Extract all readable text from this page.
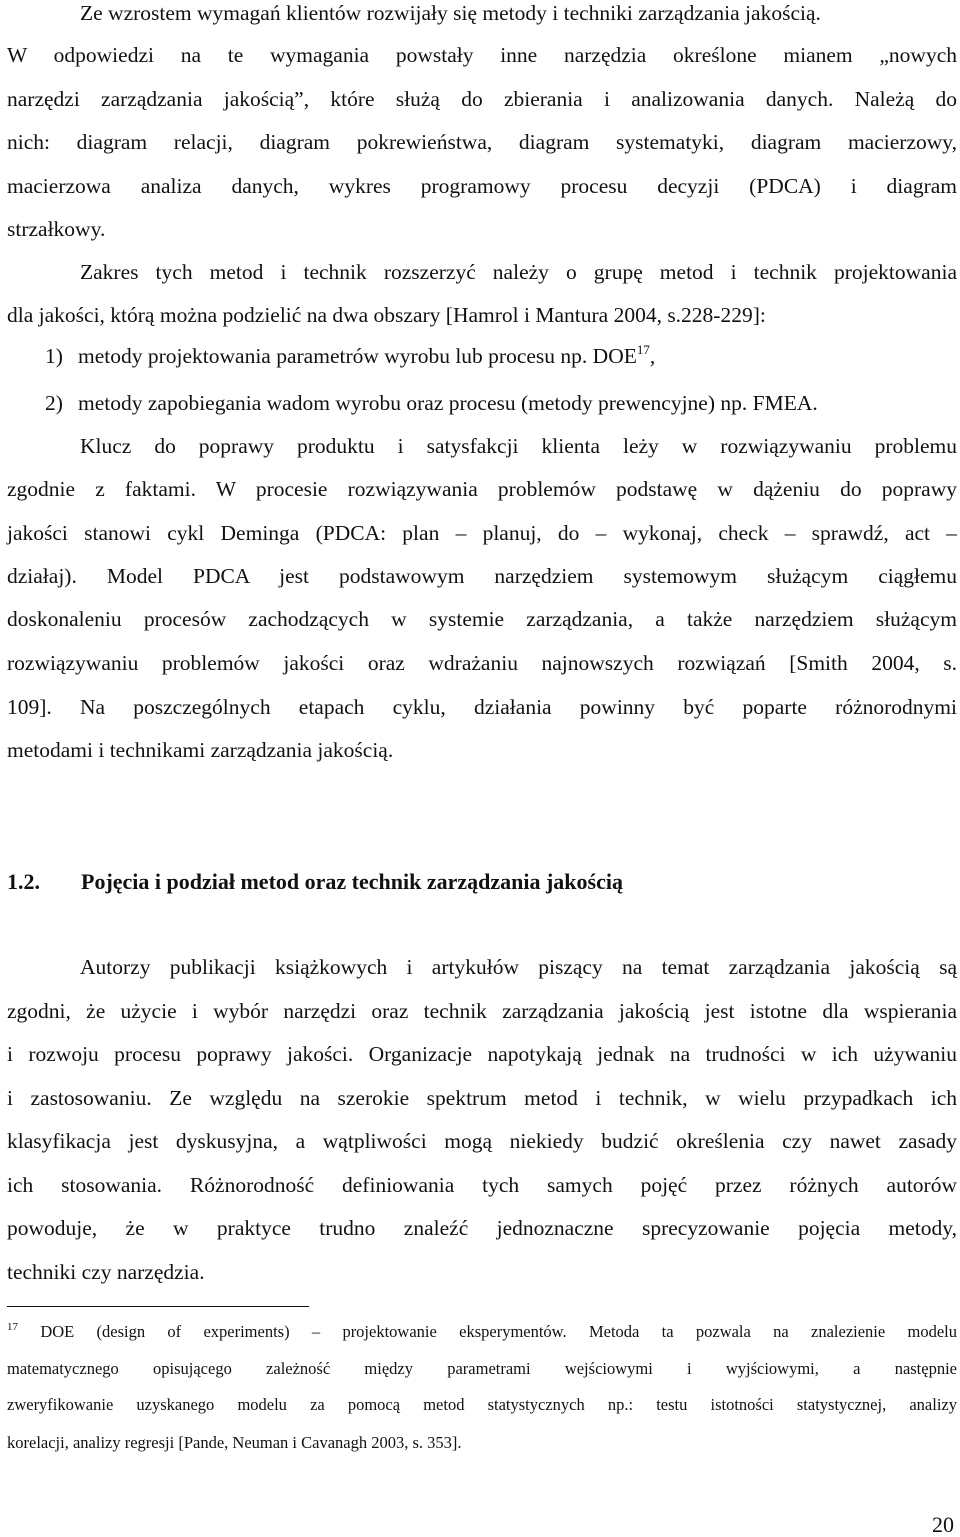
Ze wzrostem wymagań klientów rozwijały się metody i techniki zarządzania jakością.
W odpowiedzi na te wymagania powstały inne narzędzia określone mianem „nowych
narzędzi zarządzania jakością”, które służą do zbierania i analizowania danych. Należą do
nich: diagram relacji, diagram pokrewieństwa, diagram systematyki, diagram macierzowy,
macierzowa analiza danych, wykres programowy procesu decyzji (PDCA) i diagram
strzałkowy.
Zakres tych metod i technik rozszerzyć należy o grupę metod i technik projektowania
dla jakości, którą można podzielić na dwa obszary [Hamrol i Mantura 2004, s.228-229]:
1) metody projektowania parametrów wyrobu lub procesu np. DOE$^{17}$,
2) metody zapobiegania wadom wyrobu oraz procesu (metody prewencyjne) np. FMEA.
Klucz do poprawy produktu i satysfakcji klienta leży w rozwiązywaniu problemu
zgodnie z faktami. W procesie rozwiązywania problemów podstawę w dążeniu do poprawy
jakości stanowi cykl Deminga (PDCA: plan – planuj, do – wykonaj, check – sprawdź, act –
działaj). Model PDCA jest podstawowym narzędziem systemowym służącym ciągłemu
doskonaleniu procesów zachodzących w systemie zarządzania, a także narzędziem służącym
rozwiązywaniu problemów jakości oraz wdrażaniu najnowszych rozwiązań [Smith 2004, s.
109]. Na poszczególnych etapach cyklu, działania powinny być poparte różnorodnymi
metodami i technikami zarządzania jakością.
1.2. Pojęcia i podział metod oraz technik zarządzania jakością
Autorzy publikacji książkowych i artykułów piszący na temat zarządzania jakością są
zgodni, że użycie i wybór narzędzi oraz technik zarządzania jakością jest istotne dla wspierania
i rozwoju procesu poprawy jakości. Organizacje napotykają jednak na trudności w ich używaniu
i zastosowaniu. Ze względu na szerokie spektrum metod i technik, w wielu przypadkach ich
klasyfikacja jest dyskusyjna, a wątpliwości mogą niekiedy budzić określenia czy nawet zasady
ich stosowania. Różnorodność definiowania tych samych pojęć przez różnych autorów
powoduje, że w praktyce trudno znaleźć jednoznaczne sprecyzowanie pojęcia metody,
techniki czy narzędzia.
$^{17}$ DOE (design of experiments) – projektowanie eksperymentów. Metoda ta pozwala na znalezienie modelu
matematycznego opisującego zależność między parametrami wejściowymi i wyjściowymi, a następnie
zweryfikowanie uzyskanego modelu za pomocą metod statystycznych np.: testu istotności statystycznej, analizy
korelacji, analizy regresji [Pande, Neuman i Cavanagh 2003, s. 353].
20
